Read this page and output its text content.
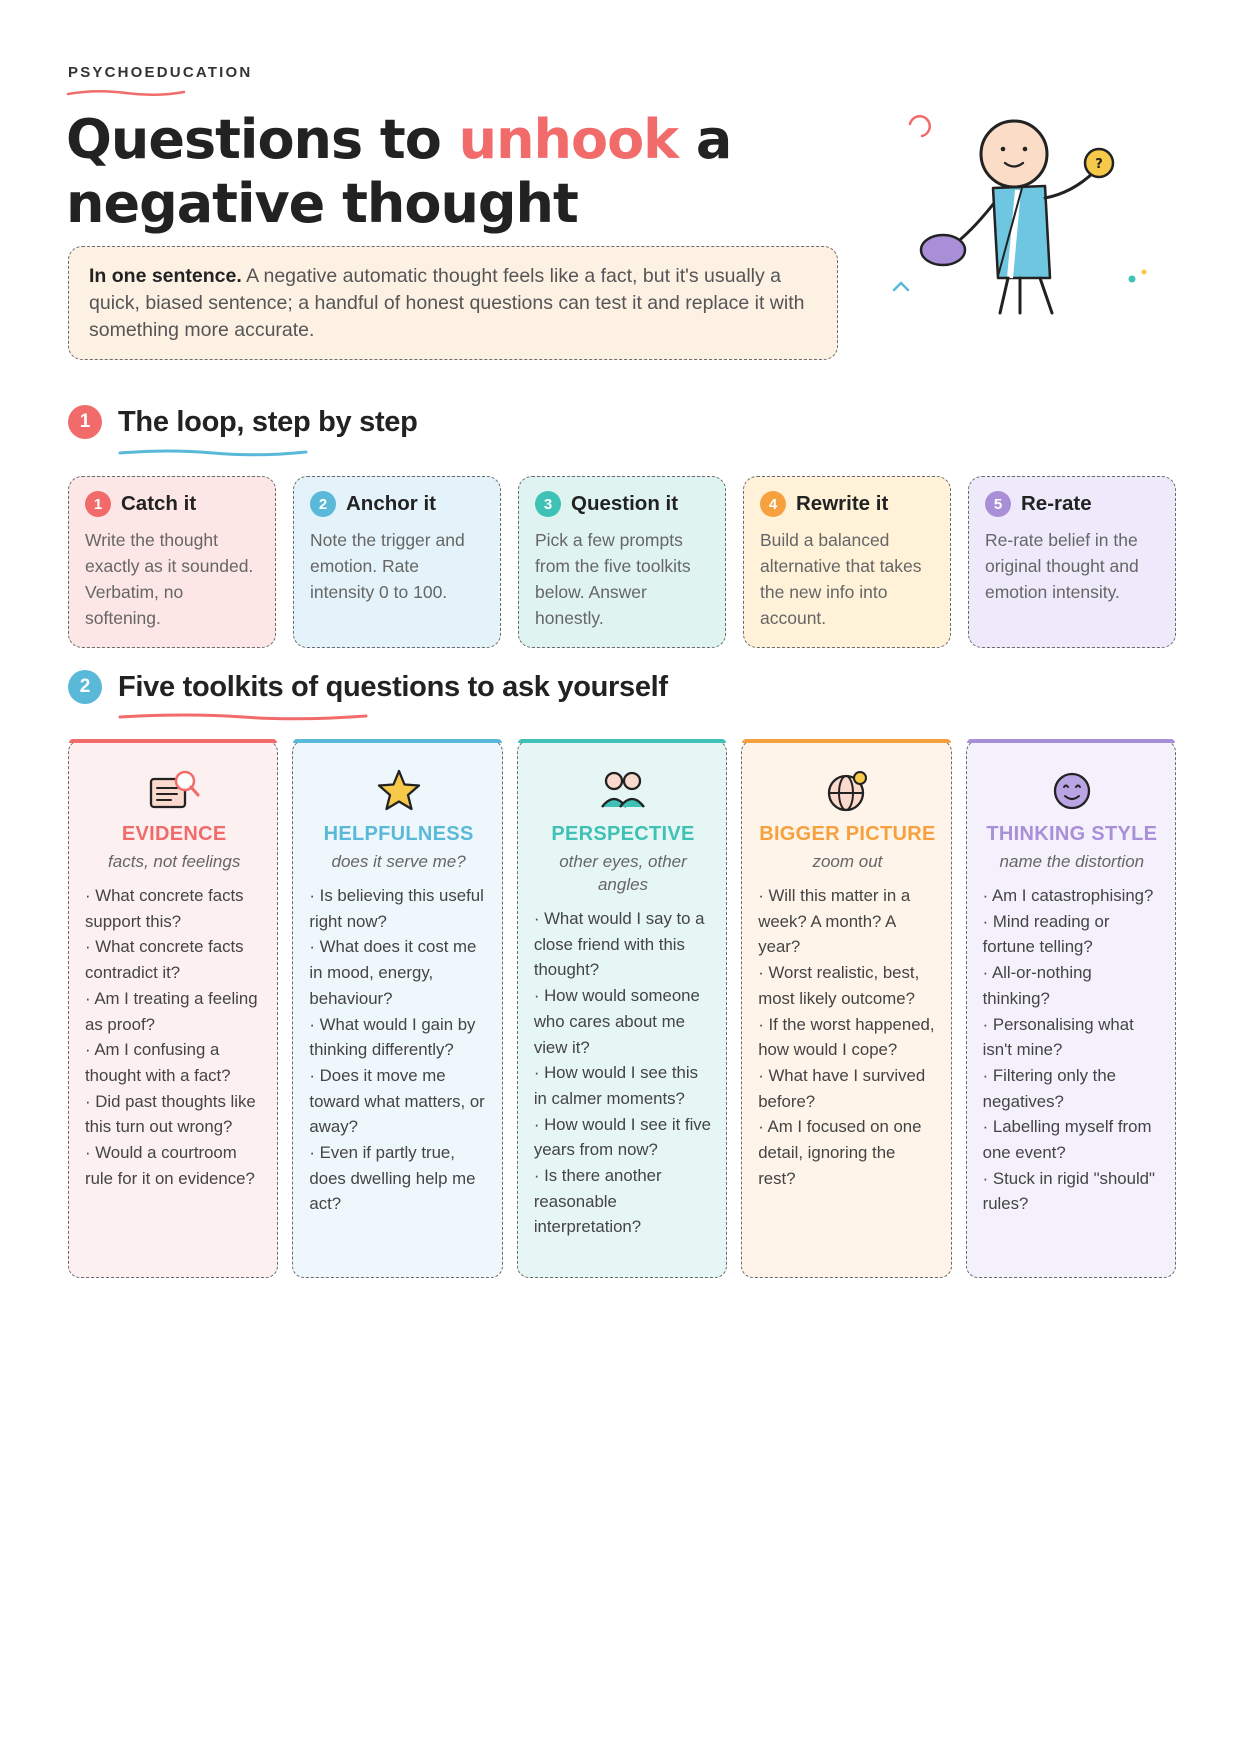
PSYCHOEDUCATION
Questions to unhook a negative thought
In one sentence. A negative automatic thought feels like a fact, but it's usually a quick, biased sentence; a handful of honest questions can test it and replace it with something more accurate.
?
1 The loop, step by step
1 Catch it
Write the thought exactly as it sounded. Verbatim, no softening.
2 Anchor it
Note the trigger and emotion. Rate intensity 0 to 100.
3 Question it
Pick a few prompts from the five toolkits below. Answer honestly.
4 Rewrite it
Build a balanced alternative that takes the new info into account.
5 Re-rate
Re-rate belief in the original thought and emotion intensity.
2 Five toolkits of questions to ask yourself
EVIDENCE
facts, not feelings
· What concrete facts support this?
· What concrete facts contradict it?
· Am I treating a feeling as proof?
· Am I confusing a thought with a fact?
· Did past thoughts like this turn out wrong?
· Would a courtroom rule for it on evidence?
HELPFULNESS
does it serve me?
· Is believing this useful right now?
· What does it cost me in mood, energy, behaviour?
· What would I gain by thinking differently?
· Does it move me toward what matters, or away?
· Even if partly true, does dwelling help me act?
PERSPECTIVE
other eyes, other angles
· What would I say to a close friend with this thought?
· How would someone who cares about me view it?
· How would I see this in calmer moments?
· How would I see it five years from now?
· Is there another reasonable interpretation?
BIGGER PICTURE
zoom out
· Will this matter in a week? A month? A year?
· Worst realistic, best, most likely outcome?
· If the worst happened, how would I cope?
· What have I survived before?
· Am I focused on one detail, ignoring the rest?
THINKING STYLE
name the distortion
· Am I catastrophising?
· Mind reading or fortune telling?
· All-or-nothing thinking?
· Personalising what isn't mine?
· Filtering only the negatives?
· Labelling myself from one event?
· Stuck in rigid "should" rules?
